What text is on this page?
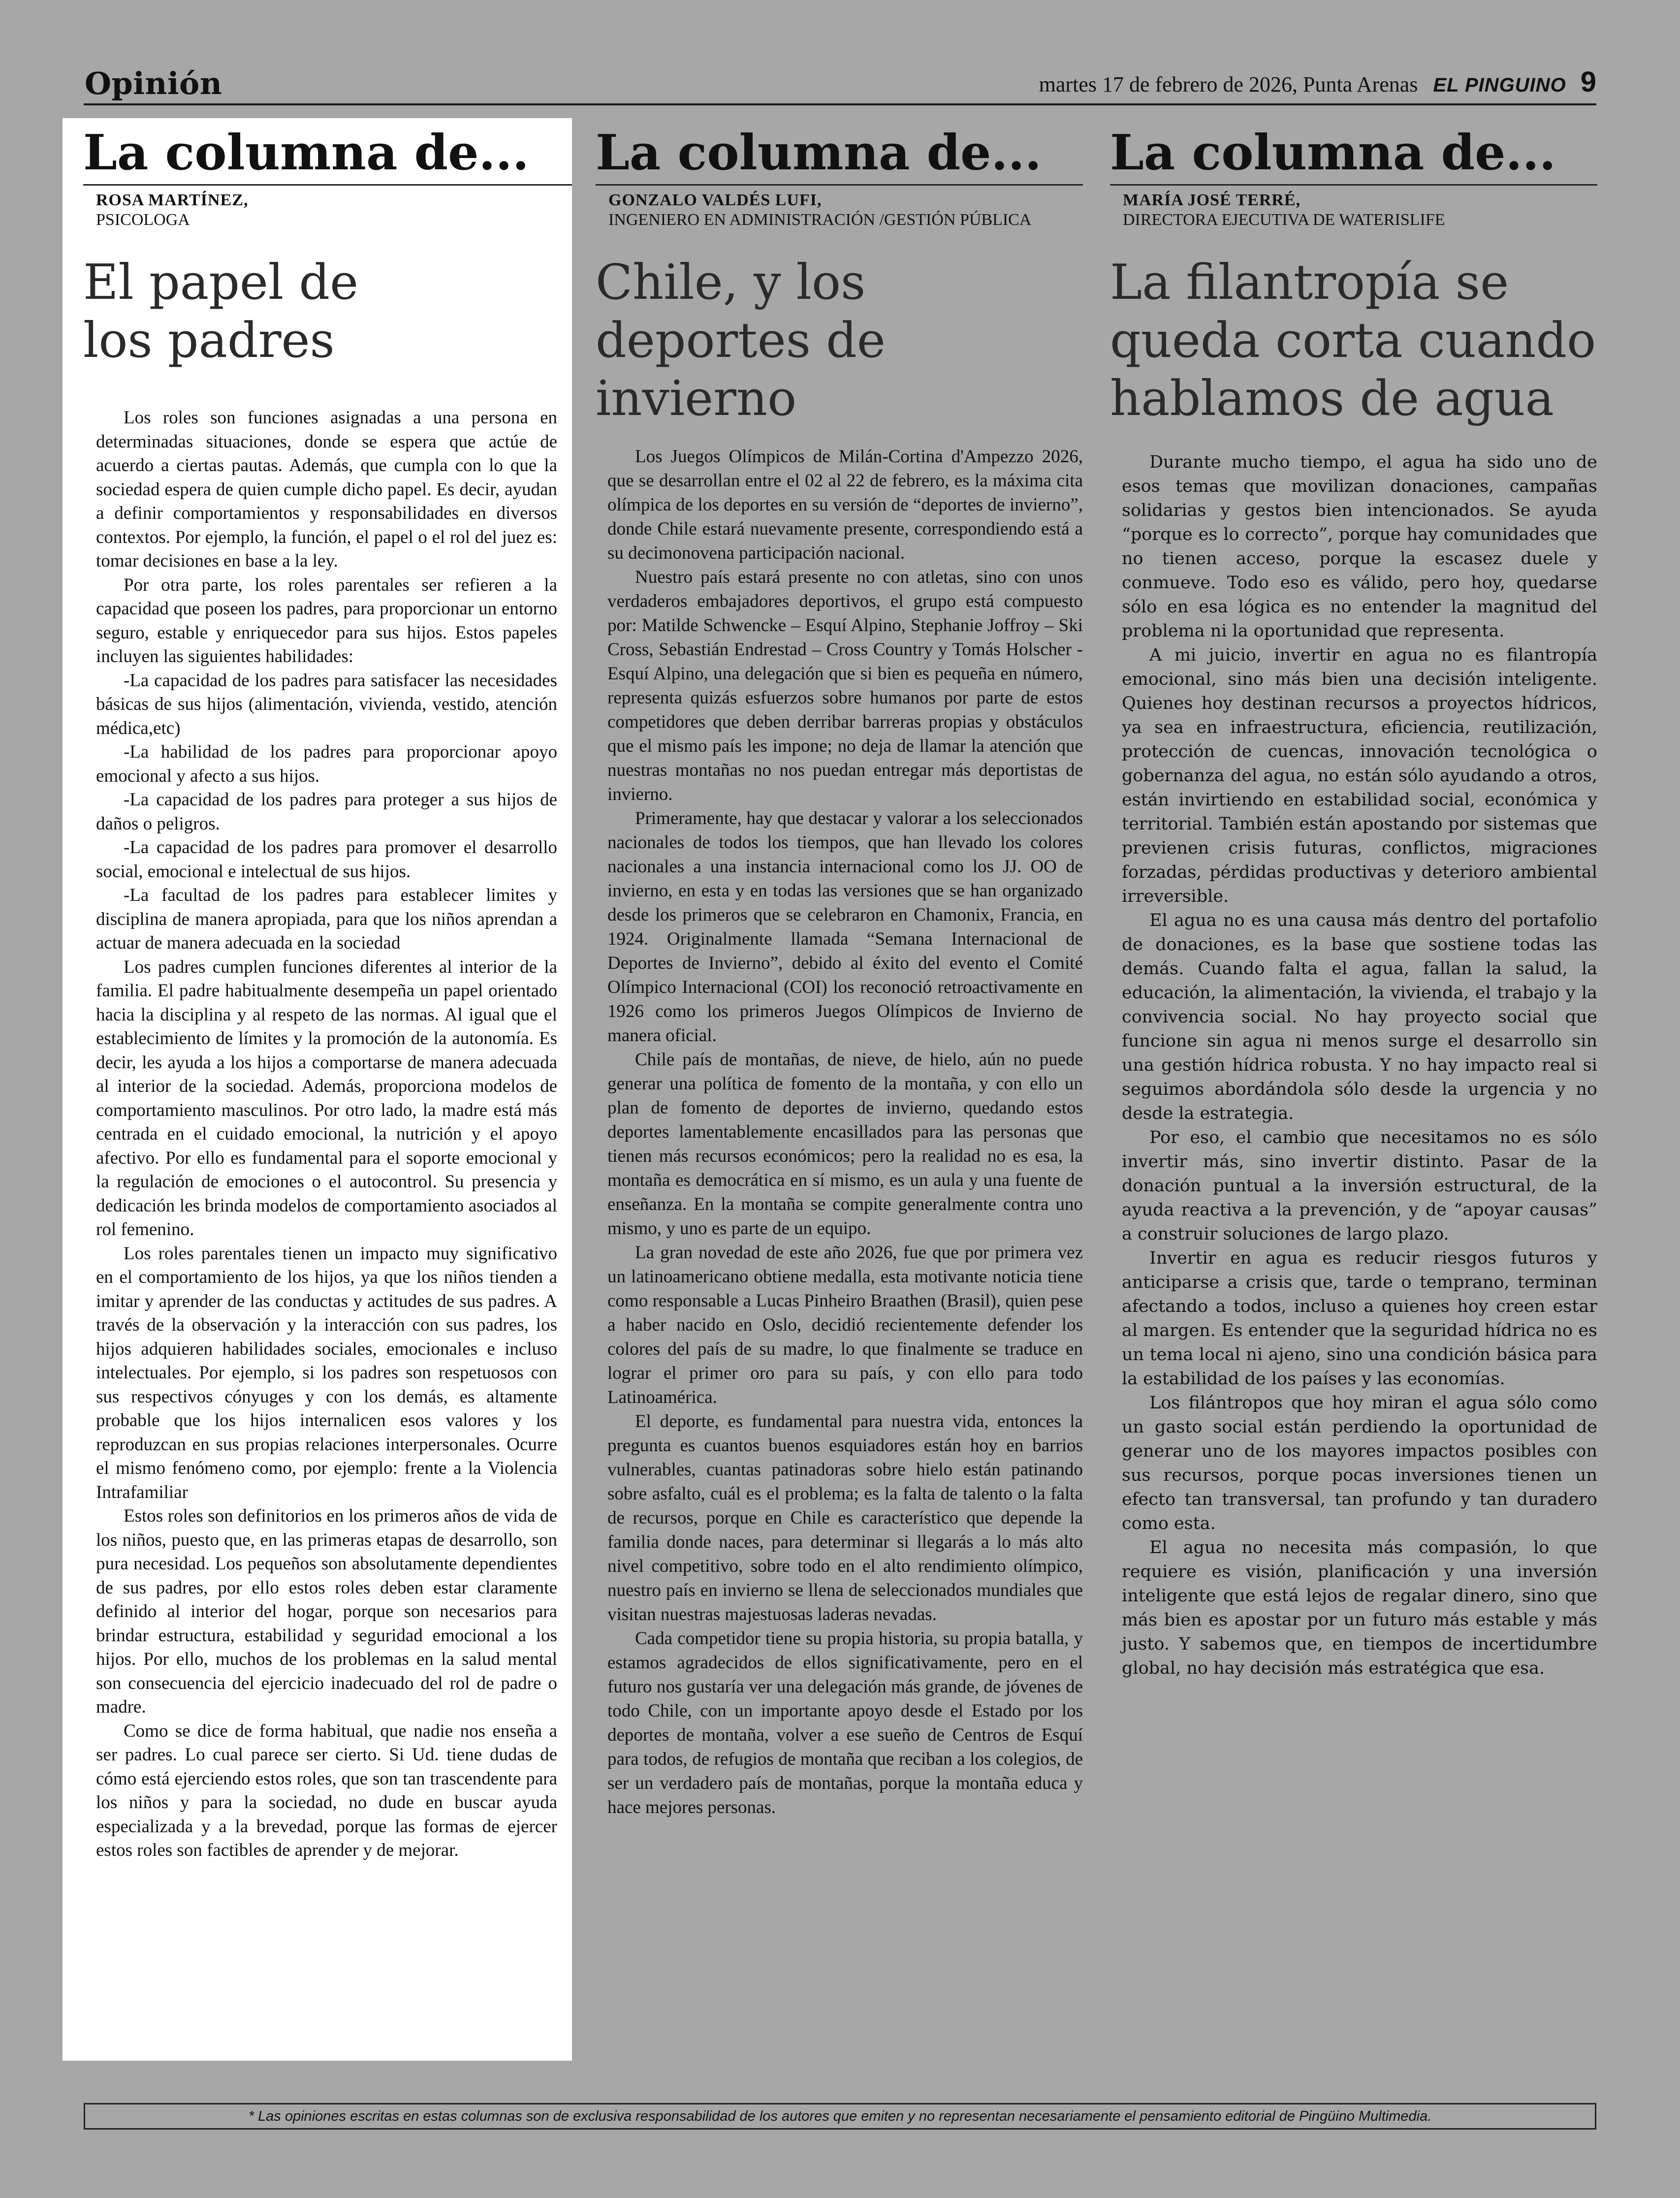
Opinión	martes 17 de febrero de 2026, Punta Arenas EL PINGUINO 9
La columna de...
ROSA MARTÍNEZ,
PSICOLOGA
El papel de los padres

Los roles son funciones asignadas a una persona en determinadas situaciones, donde se espera que actúe de acuerdo a ciertas pautas. Además, que cumpla con lo que la sociedad espera de quien cumple dicho papel. Es decir, ayudan a definir comportamientos y responsabilidades en diversos contextos. Por ejemplo, la función, el papel o el rol del juez es: tomar decisiones en base a la ley.

Por otra parte, los roles parentales ser refieren a la capacidad que poseen los padres, para proporcionar un entorno seguro, estable y enriquecedor para sus hijos. Estos papeles incluyen las siguientes habilidades:

-La capacidad de los padres para satisfacer las necesidades básicas de sus hijos (alimentación, vivienda, vestido, atención médica,etc)

-La habilidad de los padres para proporcionar apoyo emocional y afecto a sus hijos.

-La capacidad de los padres para proteger a sus hijos de daños o peligros.

-La capacidad de los padres para promover el desarrollo social, emocional e intelectual de sus hijos.

-La facultad de los padres para establecer limites y disciplina de manera apropiada, para que los niños aprendan a actuar de manera adecuada en la sociedad

Los padres cumplen funciones diferentes al interior de la familia. El padre habitualmente desempeña un papel orientado hacia la disciplina y al respeto de las normas. Al igual que el establecimiento de límites y la promoción de la autonomía. Es decir, les ayuda a los hijos a comportarse de manera adecuada al interior de la sociedad. Además, proporciona modelos de comportamiento masculinos. Por otro lado, la madre está más centrada en el cuidado emocional, la nutrición y el apoyo afectivo. Por ello es fundamental para el soporte emocional y la regulación de emociones o el autocontrol. Su presencia y dedicación les brinda modelos de comportamiento asociados al rol femenino.

Los roles parentales tienen un impacto muy significativo en el comportamiento de los hijos, ya que los niños tienden a imitar y aprender de las conductas y actitudes de sus padres. A través de la observación y la interacción con sus padres, los hijos adquieren habilidades sociales, emocionales e incluso intelectuales. Por ejemplo, si los padres son respetuosos con sus respectivos cónyuges y con los demás, es altamente probable que los hijos internalicen esos valores y los reproduzcan en sus propias relaciones interpersonales. Ocurre el mismo fenómeno como, por ejemplo: frente a la Violencia Intrafamiliar

Estos roles son definitorios en los primeros años de vida de los niños, puesto que, en las primeras etapas de desarrollo, son pura necesidad. Los pequeños son absolutamente dependientes de sus padres, por ello estos roles deben estar claramente definido al interior del hogar, porque son necesarios para brindar estructura, estabilidad y seguridad emocional a los hijos. Por ello, muchos de los problemas en la salud mental son consecuencia del ejercicio inadecuado del rol de padre o madre.

Como se dice de forma habitual, que nadie nos enseña a ser padres. Lo cual parece ser cierto. Si Ud. tiene dudas de cómo está ejerciendo estos roles, que son tan trascendente para los niños y para la sociedad, no dude en buscar ayuda especializada y a la brevedad, porque las formas de ejercer estos roles son factibles de aprender y de mejorar.

La columna de...
GONZALO VALDÉS LUFI,
INGENIERO EN ADMINISTRACIÓN /GESTIÓN PÚBLICA
Chile, y los deportes de invierno

Los Juegos Olímpicos de Milán-Cortina d'Ampezzo 2026, que se desarrollan entre el 02 al 22 de febrero, es la máxima cita olímpica de los deportes en su versión de “deportes de invierno”, donde Chile estará nuevamente presente, correspondiendo está a su decimonovena participación nacional.

Nuestro país estará presente no con atletas, sino con unos verdaderos embajadores deportivos, el grupo está compuesto por: Matilde Schwencke – Esquí Alpino, Stephanie Joffroy – Ski Cross, Sebastián Endrestad – Cross Country y Tomás Holscher - Esquí Alpino, una delegación que si bien es pequeña en número, representa quizás esfuerzos sobre humanos por parte de estos competidores que deben derribar barreras propias y obstáculos que el mismo país les impone; no deja de llamar la atención que nuestras montañas no nos puedan entregar más deportistas de invierno.

Primeramente, hay que destacar y valorar a los seleccionados nacionales de todos los tiempos, que han llevado los colores nacionales a una instancia internacional como los JJ. OO de invierno, en esta y en todas las versiones que se han organizado desde los primeros que se celebraron en Chamonix, Francia, en 1924. Originalmente llamada “Semana Internacional de Deportes de Invierno”, debido al éxito del evento el Comité Olímpico Internacional (COI) los reconoció retroactivamente en 1926 como los primeros Juegos Olímpicos de Invierno de manera oficial.

Chile país de montañas, de nieve, de hielo, aún no puede generar una política de fomento de la montaña, y con ello un plan de fomento de deportes de invierno, quedando estos deportes lamentablemente encasillados para las personas que tienen más recursos económicos; pero la realidad no es esa, la montaña es democrática en sí mismo, es un aula y una fuente de enseñanza. En la montaña se compite generalmente contra uno mismo, y uno es parte de un equipo.

La gran novedad de este año 2026, fue que por primera vez un latinoamericano obtiene medalla, esta motivante noticia tiene como responsable a Lucas Pinheiro Braathen (Brasil), quien pese a haber nacido en Oslo, decidió recientemente defender los colores del país de su madre, lo que finalmente se traduce en lograr el primer oro para su país, y con ello para todo Latinoamérica.

El deporte, es fundamental para nuestra vida, entonces la pregunta es cuantos buenos esquiadores están hoy en barrios vulnerables, cuantas patinadoras sobre hielo están patinando sobre asfalto, cuál es el problema; es la falta de talento o la falta de recursos, porque en Chile es característico que depende la familia donde naces, para determinar si llegarás a lo más alto nivel competitivo, sobre todo en el alto rendimiento olímpico, nuestro país en invierno se llena de seleccionados mundiales que visitan nuestras majestuosas laderas nevadas.

Cada competidor tiene su propia historia, su propia batalla, y estamos agradecidos de ellos significativamente, pero en el futuro nos gustaría ver una delegación más grande, de jóvenes de todo Chile, con un importante apoyo desde el Estado por los deportes de montaña, volver a ese sueño de Centros de Esquí para todos, de refugios de montaña que reciban a los colegios, de ser un verdadero país de montañas, porque la montaña educa y hace mejores personas.

La columna de...
MARÍA JOSÉ TERRÉ,
DIRECTORA EJECUTIVA DE WATERISLIFE
La filantropía se queda corta cuando hablamos de agua

Durante mucho tiempo, el agua ha sido uno de esos temas que movilizan donaciones, campañas solidarias y gestos bien intencionados. Se ayuda “porque es lo correcto”, porque hay comunidades que no tienen acceso, porque la escasez duele y conmueve. Todo eso es válido, pero hoy, quedarse sólo en esa lógica es no entender la magnitud del problema ni la oportunidad que representa.

A mi juicio, invertir en agua no es filantropía emocional, sino más bien una decisión inteligente. Quienes hoy destinan recursos a proyectos hídricos, ya sea en infraestructura, eficiencia, reutilización, protección de cuencas, innovación tecnológica o gobernanza del agua, no están sólo ayudando a otros, están invirtiendo en estabilidad social, económica y territorial. También están apostando por sistemas que previenen crisis futuras, conflictos, migraciones forzadas, pérdidas productivas y deterioro ambiental irreversible.

El agua no es una causa más dentro del portafolio de donaciones, es la base que sostiene todas las demás. Cuando falta el agua, fallan la salud, la educación, la alimentación, la vivienda, el trabajo y la convivencia social. No hay proyecto social que funcione sin agua ni menos surge el desarrollo sin una gestión hídrica robusta. Y no hay impacto real si seguimos abordándola sólo desde la urgencia y no desde la estrategia.

Por eso, el cambio que necesitamos no es sólo invertir más, sino invertir distinto. Pasar de la donación puntual a la inversión estructural, de la ayuda reactiva a la prevención, y de “apoyar causas” a construir soluciones de largo plazo.

Invertir en agua es reducir riesgos futuros y anticiparse a crisis que, tarde o temprano, terminan afectando a todos, incluso a quienes hoy creen estar al margen. Es entender que la seguridad hídrica no es un tema local ni ajeno, sino una condición básica para la estabilidad de los países y las economías.

Los filántropos que hoy miran el agua sólo como un gasto social están perdiendo la oportunidad de generar uno de los mayores impactos posibles con sus recursos, porque pocas inversiones tienen un efecto tan transversal, tan profundo y tan duradero como esta.

El agua no necesita más compasión, lo que requiere es visión, planificación y una inversión inteligente que está lejos de regalar dinero, sino que más bien es apostar por un futuro más estable y más justo. Y sabemos que, en tiempos de incertidumbre global, no hay decisión más estratégica que esa.

* Las opiniones escritas en estas columnas son de exclusiva responsabilidad de los autores que emiten y no representan necesariamente el pensamiento editorial de Pingüino Multimedia.
